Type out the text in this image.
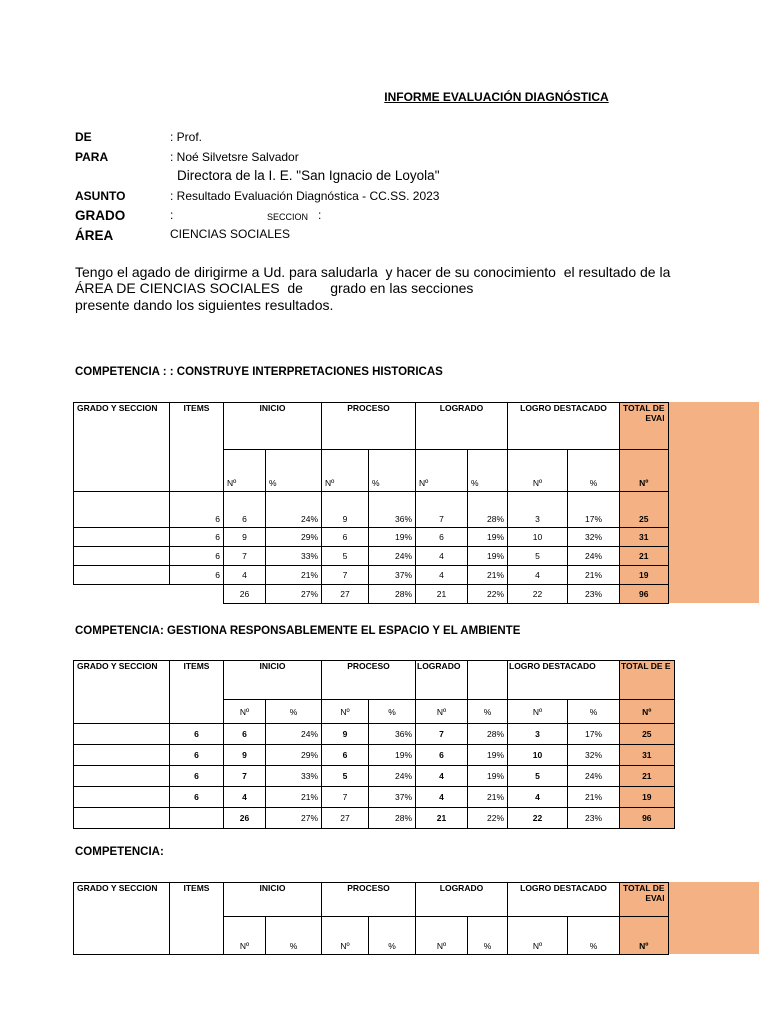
INFORME EVALUACIÓN DIAGNÓSTICA
DE	: Prof.
PARA	: Noé Silvetsre Salvador
Directora de la I. E. "San Ignacio de Loyola"
ASUNTO	: Resultado Evaluación Diagnóstica - CC.SS. 2023
GRADO	:	SECCION :
ÁREA	CIENCIAS SOCIALES
Tengo el agado de dirigirme a Ud. para saludarla  y hacer de su conocimiento  el resultado de la
ÁREA DE CIENCIAS SOCIALES  de       grado en las secciones
presente dando los siguientes resultados.
COMPETENCIA : : CONSTRUYE INTERPRETACIONES HISTORICAS
GRADO Y SECCION	ITEMS	INICIO		PROCESO		LOGRADO		LOGRO DESTACADO		TOTAL DE
EVAl
		Nº	%	Nº	%	Nº	%	Nº	%	Nº
	6	6	24%	9	36%	7	28%	3	17%	25
	6	9	29%	6	19%	6	19%	10	32%	31
	6	7	33%	5	24%	4	19%	5	24%	21
	6	4	21%	7	37%	4	21%	4	21%	19
		26	27%	27	28%	21	22%	22	23%	96
COMPETENCIA: GESTIONA RESPONSABLEMENTE EL ESPACIO Y EL AMBIENTE
GRADO Y SECCION	ITEMS	INICIO		PROCESO		LOGRADO		LOGRO DESTACADO		TOTAL DE E
		Nº	%	Nº	%	Nº	%	Nº	%	Nº
	6	6	24%	9	36%	7	28%	3	17%	25
	6	9	29%	6	19%	6	19%	10	32%	31
	6	7	33%	5	24%	4	19%	5	24%	21
	6	4	21%	7	37%	4	21%	4	21%	19
		26	27%	27	28%	21	22%	22	23%	96
COMPETENCIA:
GRADO Y SECCION	ITEMS	INICIO		PROCESO		LOGRADO		LOGRO DESTACADO		TOTAL DE
EVAl
		Nº	%	Nº	%	Nº	%	Nº	%	Nº
